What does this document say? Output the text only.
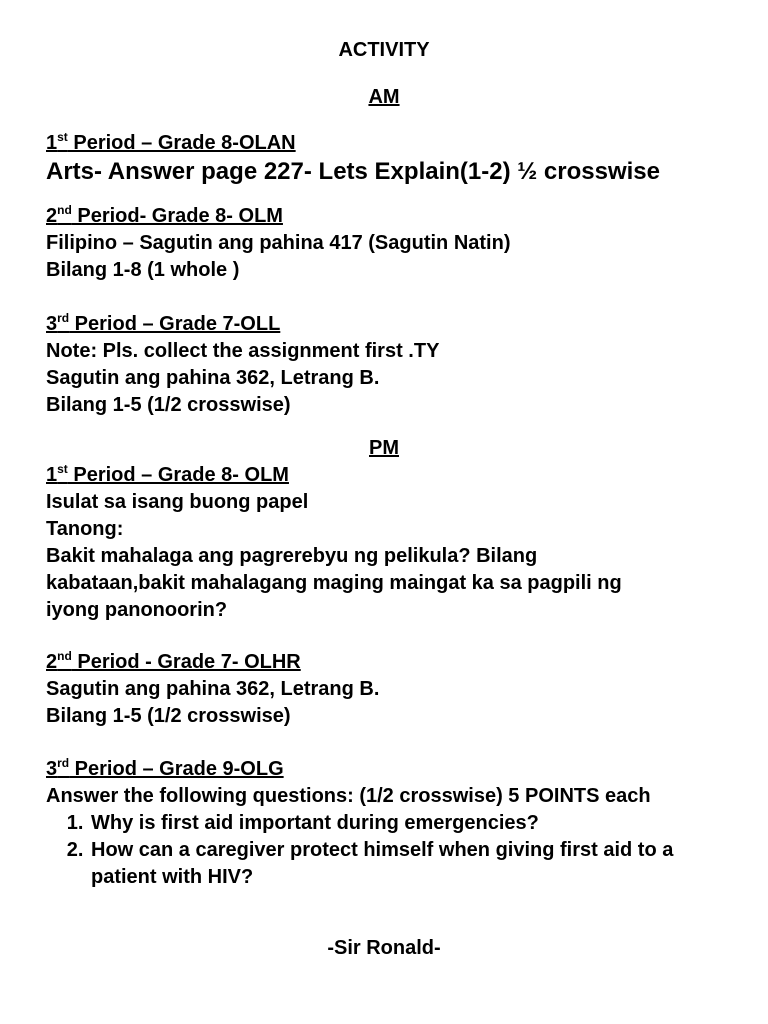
ACTIVITY
AM
1st Period – Grade 8-OLAN
Arts- Answer page 227- Lets Explain(1-2) ½ crosswise
2nd Period- Grade 8- OLM
Filipino – Sagutin ang pahina 417 (Sagutin Natin)
Bilang 1-8 (1 whole )
3rd Period – Grade 7-OLL
Note: Pls. collect the assignment first .TY
Sagutin ang pahina 362, Letrang B.
Bilang 1-5 (1/2 crosswise)
PM
1st Period – Grade 8- OLM
Isulat sa isang buong papel
Tanong:
Bakit mahalaga ang pagrerebyu ng pelikula? Bilang
kabataan,bakit mahalagang maging maingat ka sa pagpili ng
iyong panonoorin?
2nd Period - Grade 7- OLHR
Sagutin ang pahina 362, Letrang B.
Bilang 1-5 (1/2 crosswise)
3rd Period – Grade 9-OLG
Answer the following questions: (1/2 crosswise) 5 POINTS each
1. Why is first aid important during emergencies?
2. How can a caregiver protect himself when giving first aid to a patient with HIV?
-Sir Ronald-
